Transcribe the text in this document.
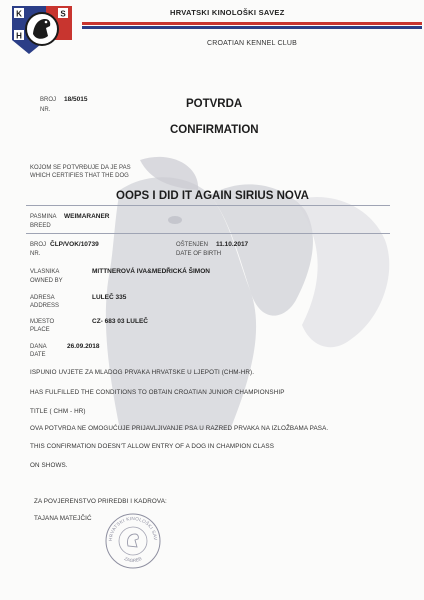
K	S
H
HRVATSKI KINOLOŠKI SAVEZ
CROATIAN KENNEL CLUB
BROJ 18/5015
NR.	POTVRDA
CONFIRMATION
KOJOM SE POTVRĐUJE DA JE PAS
WHICH CERTIFIES THAT THE DOG
OOPS I DID IT AGAIN SIRIUS NOVA
PASMINA WEIMARANER
BREED
BROJ ČLP/VOK/10739
NR.
OŠTENJEN 11.10.2017
DATE OF BIRTH
VLASNIKA	MITTNEROVÁ IVA&MEDŘICKÁ ŠIMON
OWNED BY
ADRESA	LULEČ 335
ADDRESS
MJESTO	CZ- 683 03 LULEČ
PLACE
DANA	26.09.2018
DATE
ISPUNIO UVJETE ZA MLADOG PRVAKA HRVATSKE U LJEPOTI (CHM-HR).
HAS FULFILLED THE CONDITIONS TO OBTAIN CROATIAN JUNIOR CHAMPIONSHIP
TITLE ( CHM - HR)
OVA POTVRDA NE OMOGUĆUJE PRIJAVLJIVANJE PSA U RAZRED PRVAKA NA IZLOŽBAMA PASA.
THIS CONFIRMATION DOESN'T ALLOW ENTRY OF A DOG IN CHAMPION CLASS
ON SHOWS.
ZA POVJERENSTVO PRIREDBI I KADROVA:
TAJANA MATEJČIĆ
HRVATSKI KINOLOŠKI SAV
ZAGREB
